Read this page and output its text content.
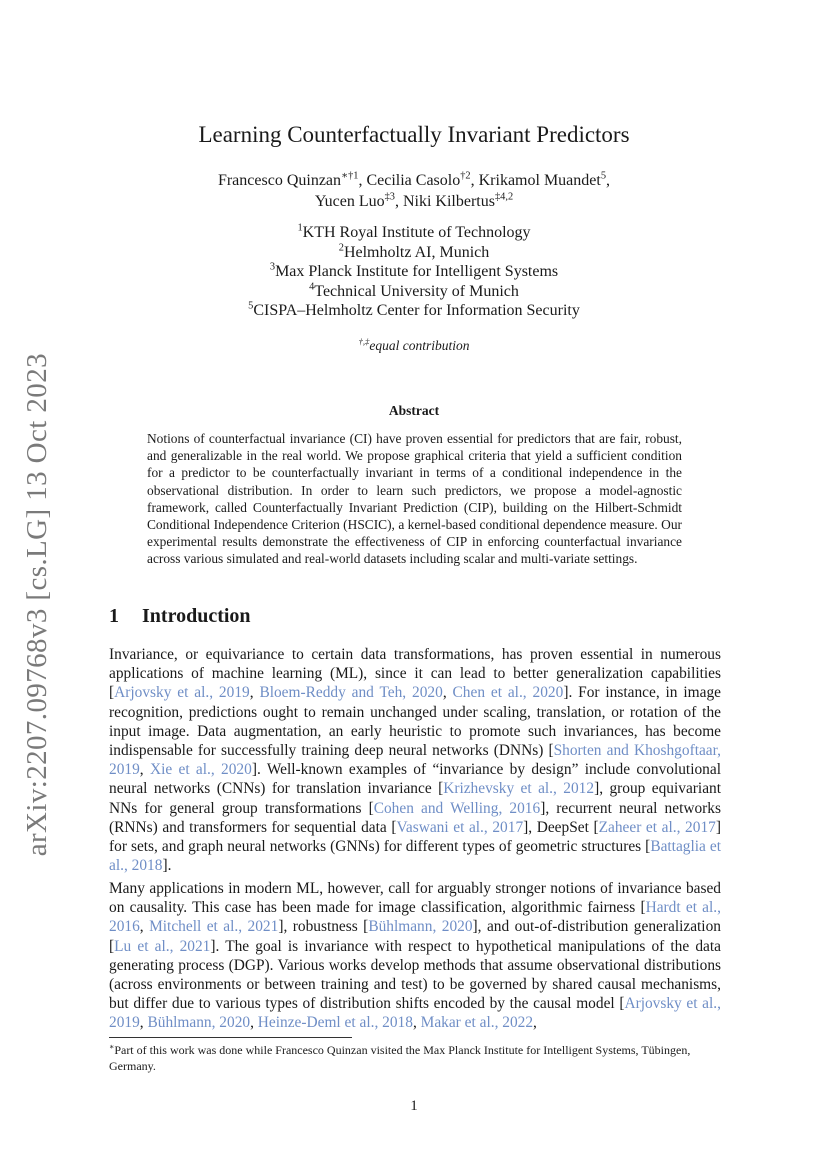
arXiv:2207.09768v3 [cs.LG] 13 Oct 2023
Learning Counterfactually Invariant Predictors
Francesco Quinzan$^{∗\dagger 1}$, Cecilia Casolo$^{\dagger 2}$, Krikamol Muandet$^5$,
Yucen Luo$^{\ddagger 3}$, Niki Kilbertus$^{\ddagger 4,2}$
$^1$KTH Royal Institute of Technology
$^2$Helmholtz AI, Munich
$^3$Max Planck Institute for Intelligent Systems
$^4$Technical University of Munich
$^5$CISPA–Helmholtz Center for Information Security
†,‡equal contribution
Abstract

Notions of counterfactual invariance (CI) have proven essential for predictors that are fair, robust, and generalizable in the real world. We propose graphical criteria that yield a sufficient condition for a predictor to be counterfactually invariant in terms of a conditional independence in the observational distribution. In order to learn such predictors, we propose a model-agnostic framework, called Counterfactually Invariant Prediction (CIP), building on the Hilbert-Schmidt Conditional Independence Criterion (HSCIC), a kernel-based conditional dependence measure. Our experimental results demonstrate the effectiveness of CIP in enforcing counterfactual invariance across various simulated and real-world datasets including scalar and multi-variate settings.

1 Introduction

Invariance, or equivariance to certain data transformations, has proven essential in numerous applications of machine learning (ML), since it can lead to better generalization capabilities [Arjovsky et al., 2019, Bloem-Reddy and Teh, 2020, Chen et al., 2020]. For instance, in image recognition, predictions ought to remain unchanged under scaling, translation, or rotation of the input image. Data augmentation, an early heuristic to promote such invariances, has become indispensable for successfully training deep neural networks (DNNs) [Shorten and Khoshgoftaar, 2019, Xie et al., 2020]. Well-known examples of “invariance by design” include convolutional neural networks (CNNs) for translation invariance [Krizhevsky et al., 2012], group equivariant NNs for general group transformations [Cohen and Welling, 2016], recurrent neural networks (RNNs) and transformers for sequential data [Vaswani et al., 2017], DeepSet [Zaheer et al., 2017] for sets, and graph neural networks (GNNs) for different types of geometric structures [Battaglia et al., 2018].

Many applications in modern ML, however, call for arguably stronger notions of invariance based on causality. This case has been made for image classification, algorithmic fairness [Hardt et al., 2016, Mitchell et al., 2021], robustness [Bühlmann, 2020], and out-of-distribution generalization [Lu et al., 2021]. The goal is invariance with respect to hypothetical manipulations of the data generating process (DGP). Various works develop methods that assume observational distributions (across environments or between training and test) to be governed by shared causal mechanisms, but differ due to various types of distribution shifts encoded by the causal model [Arjovsky et al., 2019, Bühlmann, 2020, Heinze-Deml et al., 2018, Makar et al., 2022,

∗Part of this work was done while Francesco Quinzan visited the Max Planck Institute for Intelligent Systems, Tübingen, Germany.

1
